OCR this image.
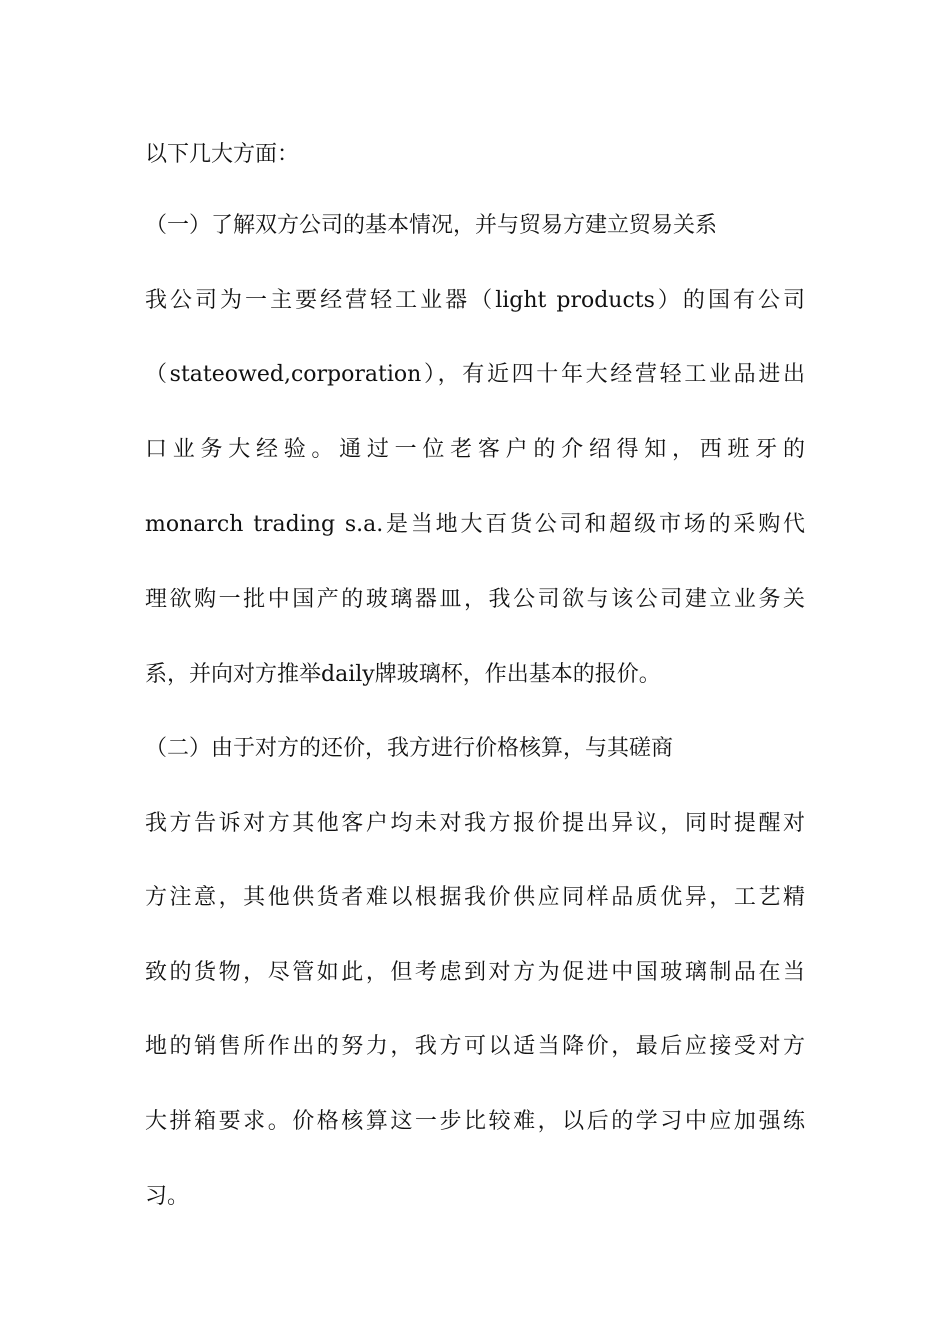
以下几大方面：
（一）了解双方公司的基本情况，并与贸易方建立贸易关系
我公司为一主要经营轻工业器（light products）的国有公司
（stateowed,corporation），有近四十年大经营轻工业品进出
口业务大经验。通过一位老客户的介绍得知，西班牙的
monarch trading s.a.是当地大百货公司和超级市场的采购代
理欲购一批中国产的玻璃器皿，我公司欲与该公司建立业务关
系，并向对方推举daily牌玻璃杯，作出基本的报价。
（二）由于对方的还价，我方进行价格核算，与其磋商
我方告诉对方其他客户均未对我方报价提出异议，同时提醒对
方注意，其他供货者难以根据我价供应同样品质优异，工艺精
致的货物，尽管如此，但考虑到对方为促进中国玻璃制品在当
地的销售所作出的努力，我方可以适当降价，最后应接受对方
大拼箱要求。价格核算这一步比较难，以后的学习中应加强练
习。
